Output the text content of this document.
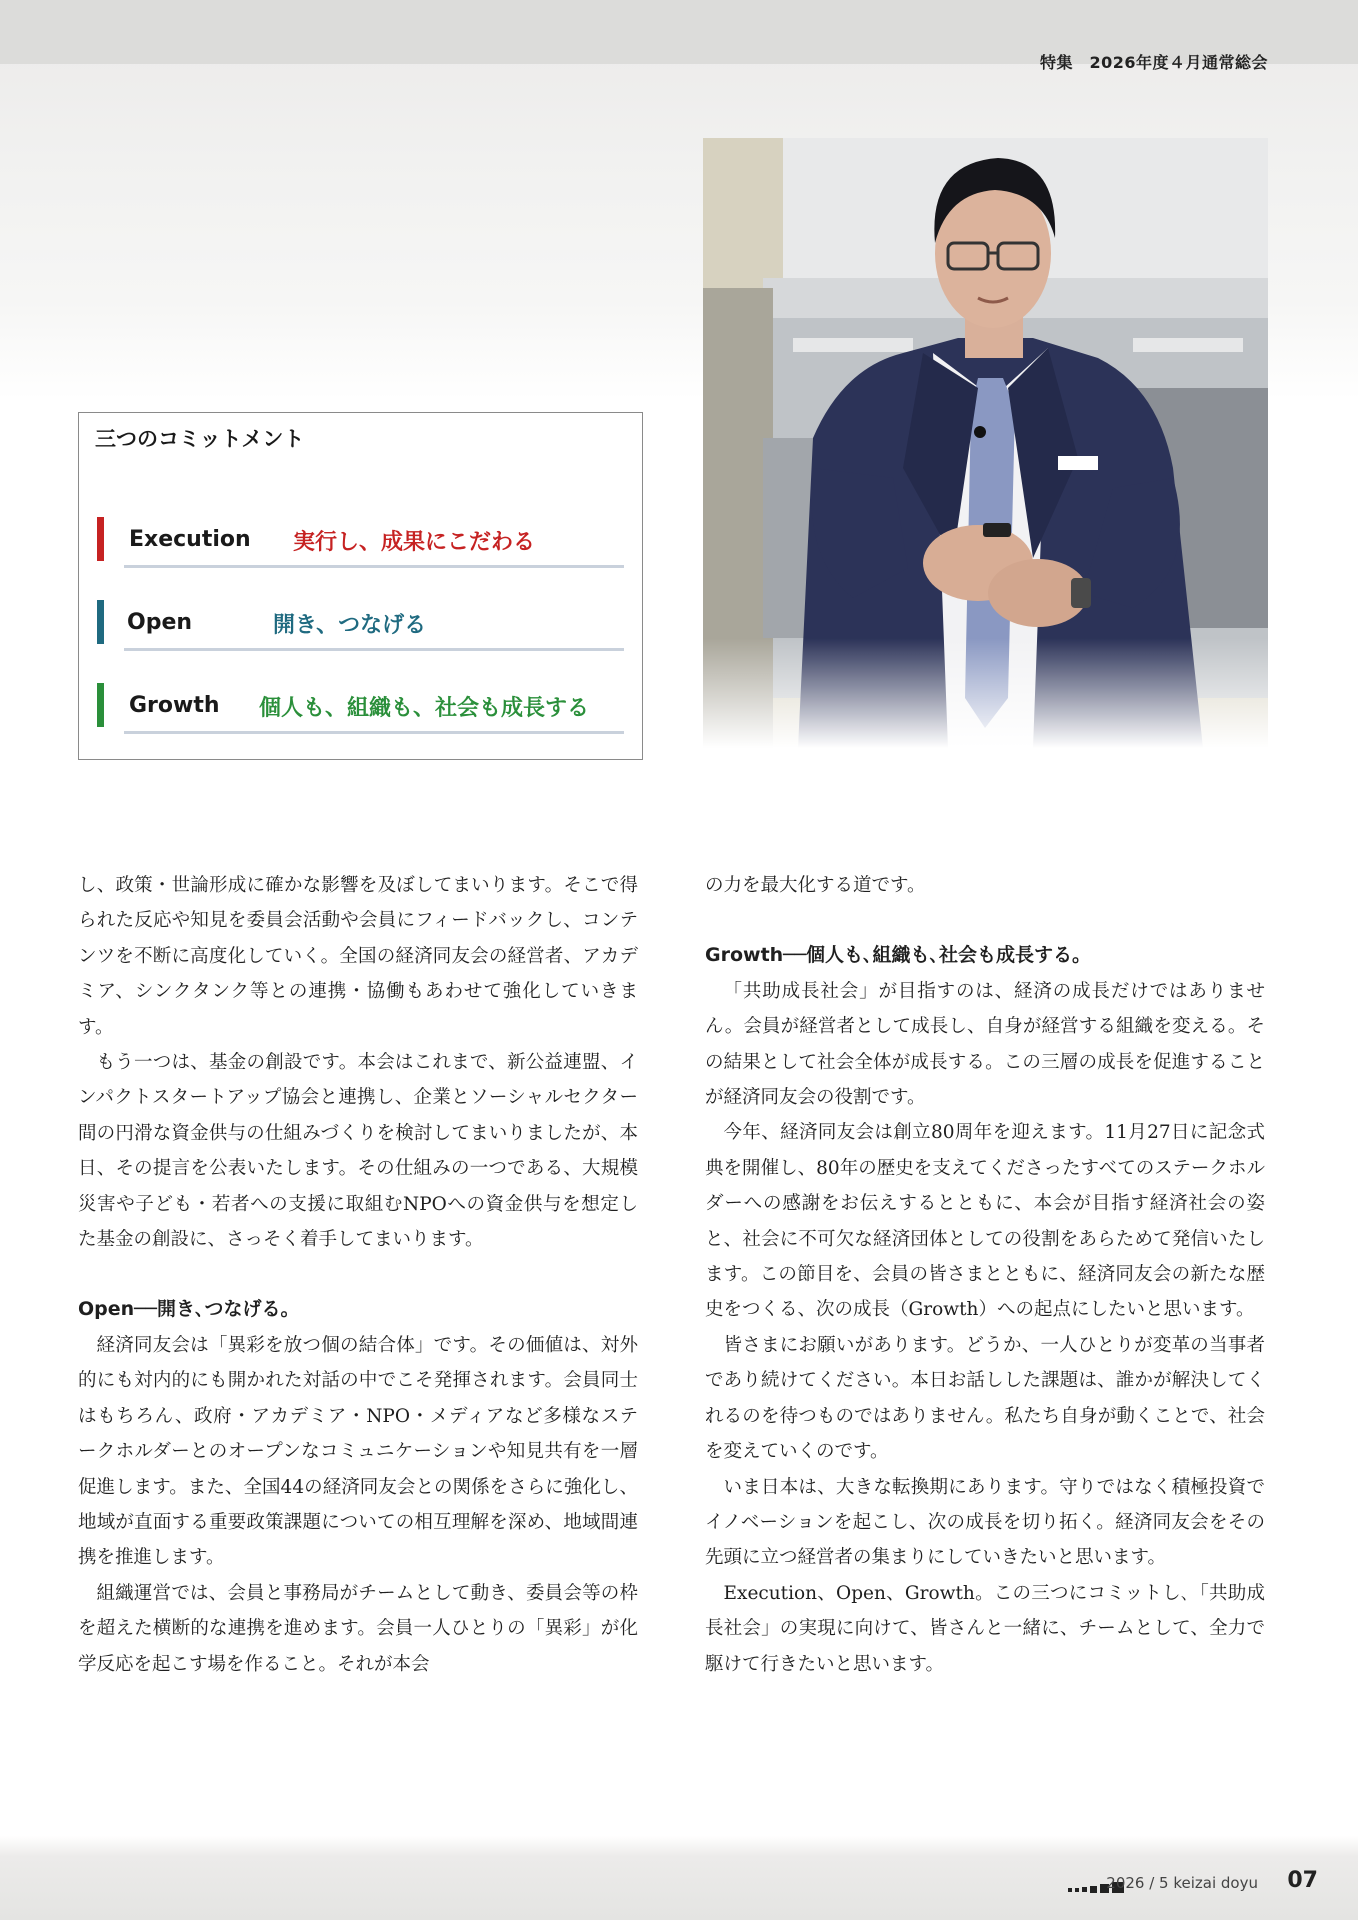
特集　2026年度４月通常総会

三つのコミットメント

Execution 実行し、成果にこだわる
Open	開き、つなげる
Growth 個人も、組織も、社会も成長する

し、政策・世論形成に確かな影響を及ぼしてまいります。そこで得られた反応や知見を委員会活動や会員にフィードバックし、コンテンツを不断に高度化していく。全国の経済同友会の経営者、アカデミア、シンクタンク等との連携・協働もあわせて強化していきます。

もう一つは、基金の創設です。本会はこれまで、新公益連盟、インパクトスタートアップ協会と連携し、企業とソーシャルセクター間の円滑な資金供与の仕組みづくりを検討してまいりましたが、本日、その提言を公表いたします。その仕組みの一つである、大規模災害や子ども・若者への支援に取組むNPOへの資金供与を想定した基金の創設に、さっそく着手してまいります。

Open──開き､つなげる｡

経済同友会は「異彩を放つ個の結合体」です。その価値は、対外的にも対内的にも開かれた対話の中でこそ発揮されます。会員同士はもちろん、政府・アカデミア・NPO・メディアなど多様なステークホルダーとのオープンなコミュニケーションや知見共有を一層促進します。また、全国44の経済同友会との関係をさらに強化し、地域が直面する重要政策課題についての相互理解を深め、地域間連携を推進します。

組織運営では、会員と事務局がチームとして動き、委員会等の枠を超えた横断的な連携を進めます。会員一人ひとりの「異彩」が化学反応を起こす場を作ること。それが本会

の力を最大化する道です。

Growth──個人も､組織も､社会も成長する｡

「共助成長社会」が目指すのは、経済の成長だけではありません。会員が経営者として成長し、自身が経営する組織を変える。その結果として社会全体が成長する。この三層の成長を促進することが経済同友会の役割です。

今年、経済同友会は創立80周年を迎えます。11月27日に記念式典を開催し、80年の歴史を支えてくださったすべてのステークホルダーへの感謝をお伝えするとともに、本会が目指す経済社会の姿と、社会に不可欠な経済団体としての役割をあらためて発信いたします。この節目を、会員の皆さまとともに、経済同友会の新たな歴史をつくる、次の成長（Growth）への起点にしたいと思います。

皆さまにお願いがあります。どうか、一人ひとりが変革の当事者であり続けてください。本日お話しした課題は、誰かが解決してくれるのを待つものではありません。私たち自身が動くことで、社会を変えていくのです。

いま日本は、大きな転換期にあります。守りではなく積極投資でイノベーションを起こし、次の成長を切り拓く。経済同友会をその先頭に立つ経営者の集まりにしていきたいと思います。

Execution、Open、Growth。この三つにコミットし､「共助成長社会」の実現に向けて、皆さんと一緒に、チームとして、全力で駆けて行きたいと思います。

2026 / 5 keizai doyu 07
